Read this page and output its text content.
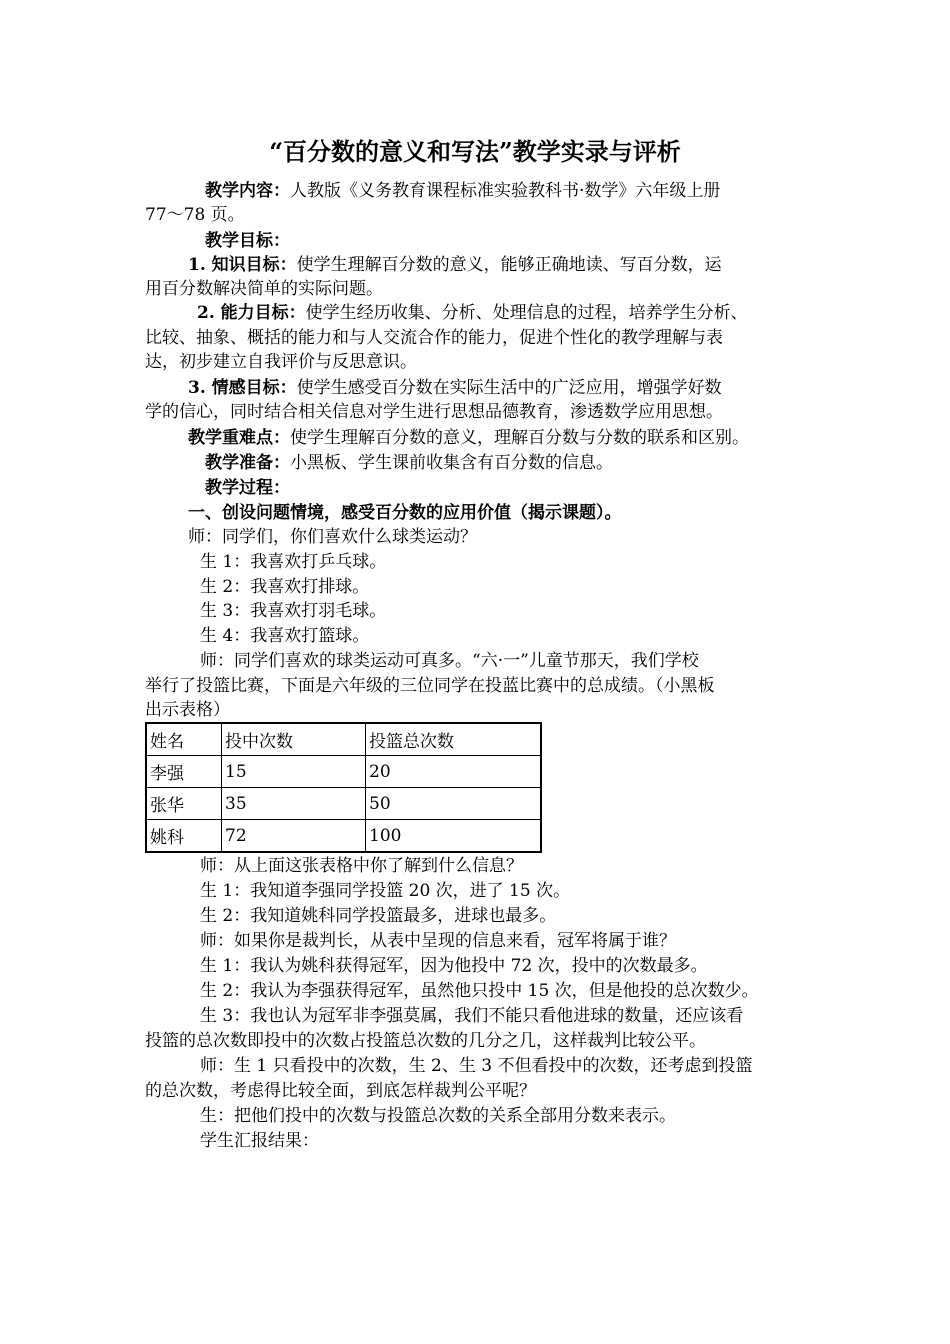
“百分数的意义和写法”教学实录与评析
教学内容：人教版《义务教育课程标准实验教科书·数学》六年级上册
77～78 页。
教学目标：
1. 知识目标：使学生理解百分数的意义，能够正确地读、写百分数，运
用百分数解决简单的实际问题。
2. 能力目标：使学生经历收集、分析、处理信息的过程，培养学生分析、
比较、抽象、概括的能力和与人交流合作的能力，促进个性化的教学理解与表
达，初步建立自我评价与反思意识。
3. 情感目标：使学生感受百分数在实际生活中的广泛应用，增强学好数
学的信心，同时结合相关信息对学生进行思想品德教育，渗透数学应用思想。
教学重难点：使学生理解百分数的意义，理解百分数与分数的联系和区别。
教学准备：小黑板、学生课前收集含有百分数的信息。
教学过程：
一、创设问题情境，感受百分数的应用价值（揭示课题）。
师：同学们，你们喜欢什么球类运动？
生 1：我喜欢打乒乓球。
生 2：我喜欢打排球。
生 3：我喜欢打羽毛球。
生 4：我喜欢打篮球。
师：同学们喜欢的球类运动可真多。“六·一”儿童节那天，我们学校
举行了投篮比赛，下面是六年级的三位同学在投蓝比赛中的总成绩。（小黑板
出示表格）
姓名	投中次数	投篮总次数
李强	15	20
张华	35	50
姚科	72	100
师：从上面这张表格中你了解到什么信息？
生 1：我知道李强同学投篮 20 次，进了 15 次。
生 2：我知道姚科同学投篮最多，进球也最多。
师：如果你是裁判长，从表中呈现的信息来看，冠军将属于谁？
生 1：我认为姚科获得冠军，因为他投中 72 次，投中的次数最多。
生 2：我认为李强获得冠军，虽然他只投中 15 次，但是他投的总次数少。
生 3：我也认为冠军非李强莫属，我们不能只看他进球的数量，还应该看
投篮的总次数即投中的次数占投篮总次数的几分之几，这样裁判比较公平。
师：生 1 只看投中的次数，生 2、生 3 不但看投中的次数，还考虑到投篮
的总次数，考虑得比较全面，到底怎样裁判公平呢？
生：把他们投中的次数与投篮总次数的关系全部用分数来表示。
学生汇报结果：
